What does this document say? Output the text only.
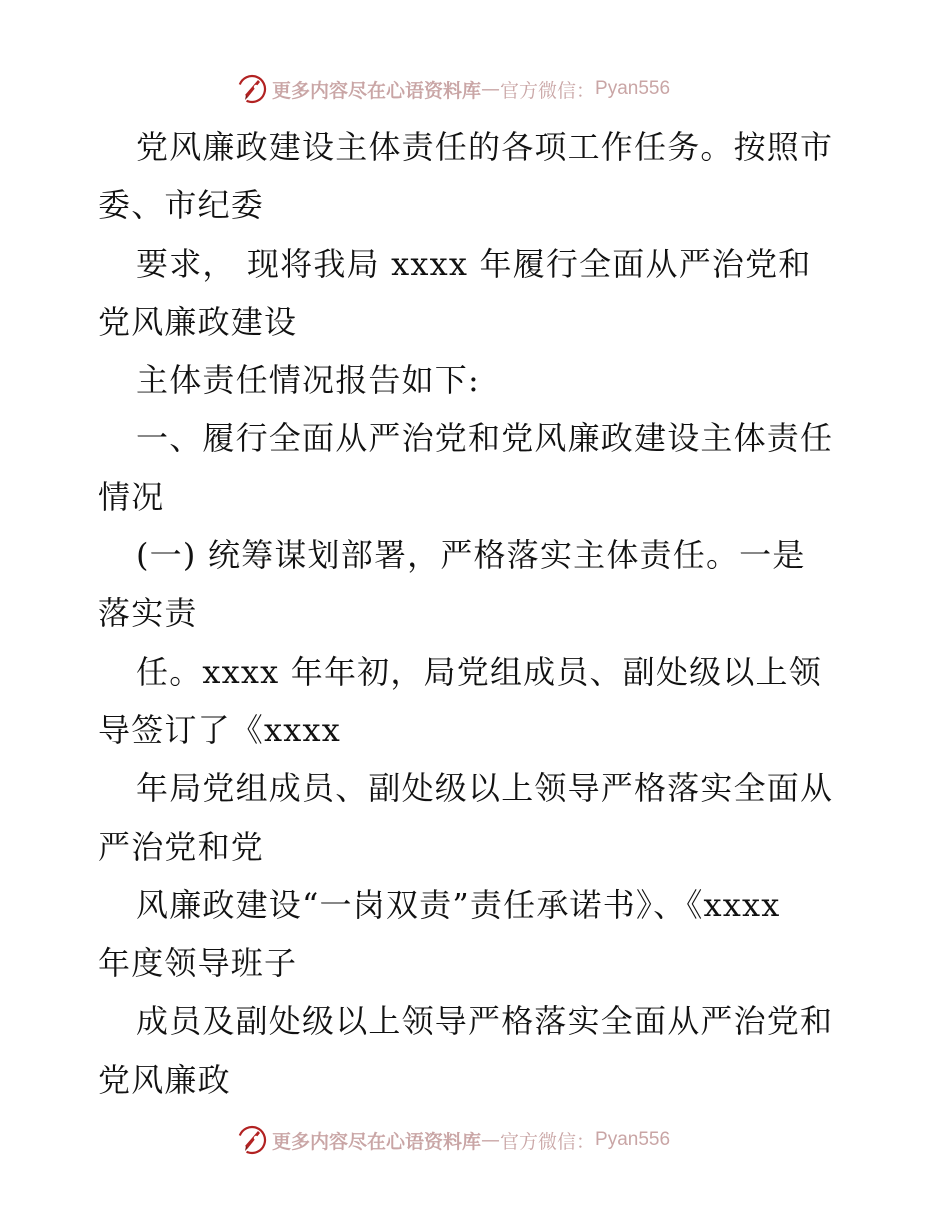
更多内容尽在心语资料库 — 官方微信： Pyan556
党风廉政建设主体责任的各项工作任务。按照市
委、市纪委
要求， 现将我局 xxxx 年履行全面从严治党和
党风廉政建设
主体责任情况报告如下:
一、履行全面从严治党和党风廉政建设主体责任
情况
(一) 统筹谋划部署，严格落实主体责任。一是
落实责
任。xxxx 年年初，局党组成员、副处级以上领
导签订了《xxxx
年局党组成员、副处级以上领导严格落实全面从
严治党和党
风廉政建设“一岗双责”责任承诺书》、《xxxx
年度领导班子
成员及副处级以上领导严格落实全面从严治党和
党风廉政
更多内容尽在心语资料库 — 官方微信： Pyan556
